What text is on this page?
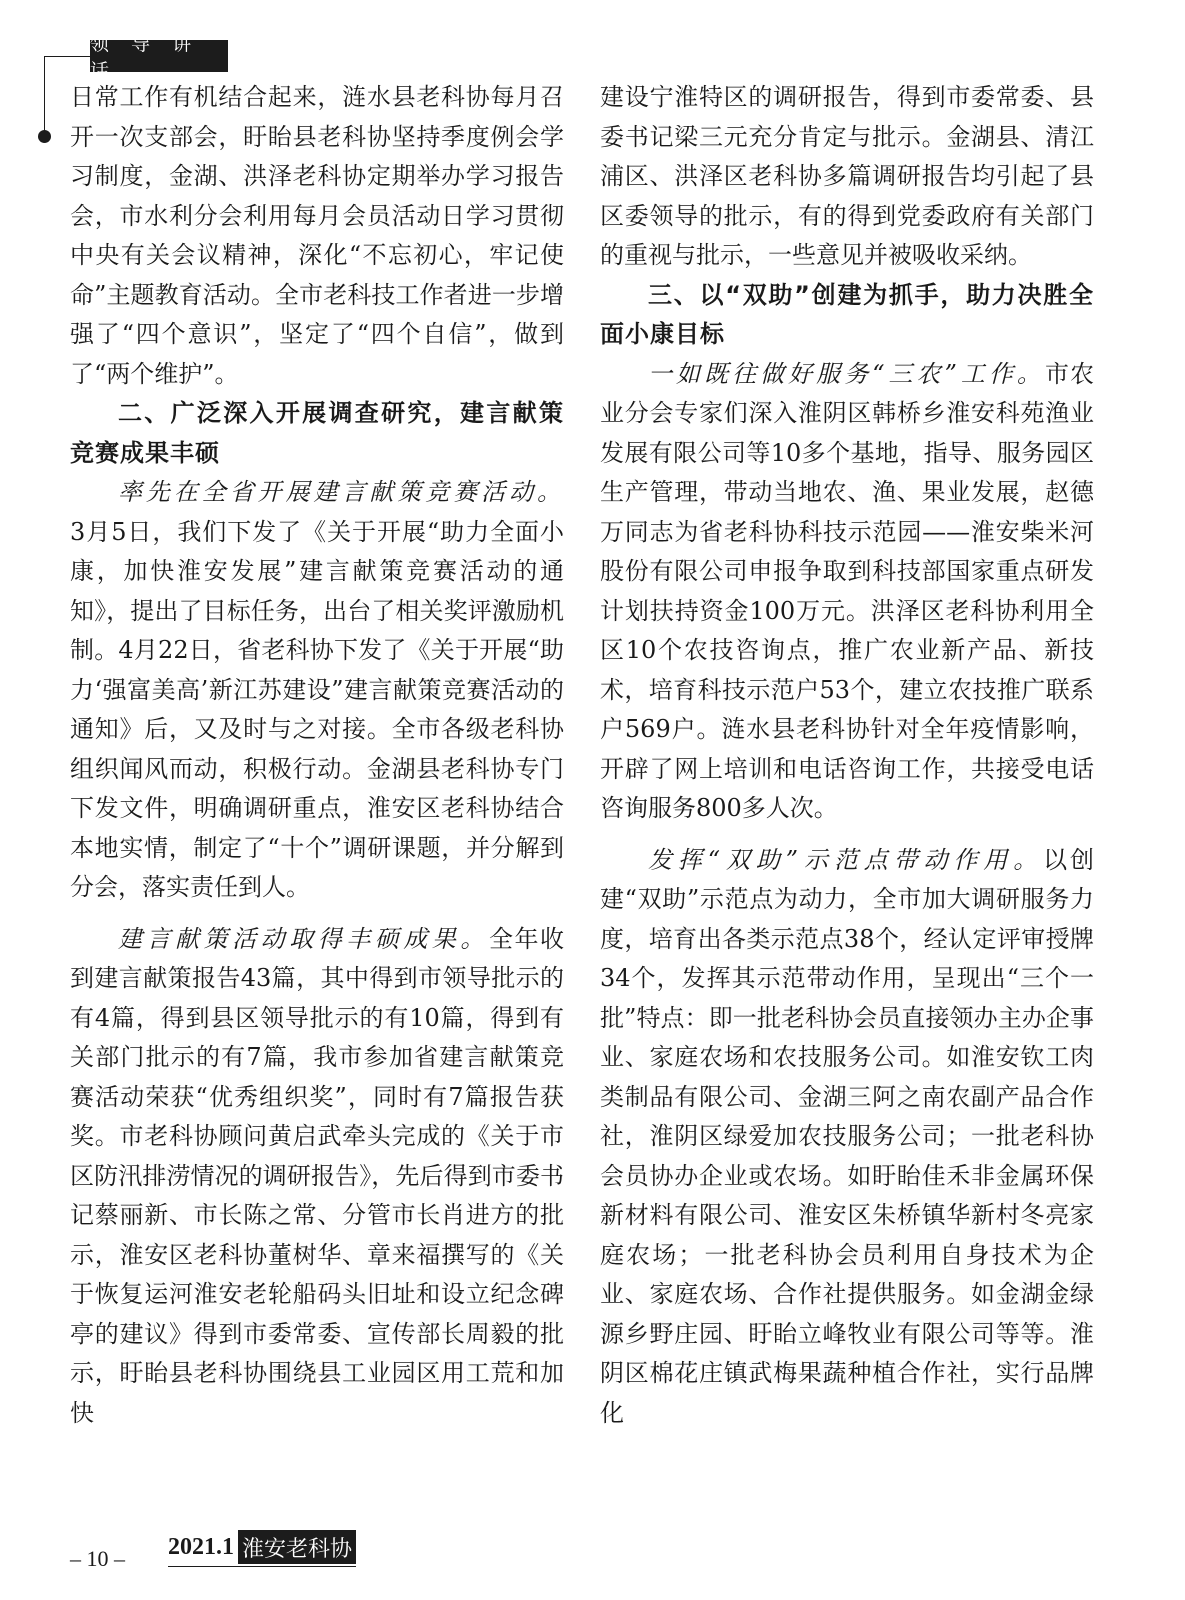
领 导 讲 话

日常工作有机结合起来，涟水县老科协每月召开一次支部会，盱眙县老科协坚持季度例会学习制度，金湖、洪泽老科协定期举办学习报告会，市水利分会利用每月会员活动日学习贯彻中央有关会议精神，深化“不忘初心，牢记使命”主题教育活动。全市老科技工作者进一步增强了“四个意识”，坚定了“四个自信”，做到了“两个维护”。

二、广泛深入开展调查研究，建言献策竞赛成果丰硕

率先在全省开展建言献策竞赛活动。3月5日，我们下发了《关于开展“助力全面小康，加快淮安发展”建言献策竞赛活动的通知》，提出了目标任务，出台了相关奖评激励机制。4月22日，省老科协下发了《关于开展“助力‘强富美高’新江苏建设”建言献策竞赛活动的通知》后，又及时与之对接。全市各级老科协组织闻风而动，积极行动。金湖县老科协专门下发文件，明确调研重点，淮安区老科协结合本地实情，制定了“十个”调研课题，并分解到分会，落实责任到人。

建言献策活动取得丰硕成果。全年收到建言献策报告43篇，其中得到市领导批示的有4篇，得到县区领导批示的有10篇，得到有关部门批示的有7篇，我市参加省建言献策竞赛活动荣获“优秀组织奖”，同时有7篇报告获奖。市老科协顾问黄启武牵头完成的《关于市区防汛排涝情况的调研报告》，先后得到市委书记蔡丽新、市长陈之常、分管市长肖进方的批示，淮安区老科协董树华、章来福撰写的《关于恢复运河淮安老轮船码头旧址和设立纪念碑亭的建议》得到市委常委、宣传部长周毅的批示，盱眙县老科协围绕县工业园区用工荒和加快

建设宁淮特区的调研报告，得到市委常委、县委书记梁三元充分肯定与批示。金湖县、清江浦区、洪泽区老科协多篇调研报告均引起了县区委领导的批示，有的得到党委政府有关部门的重视与批示，一些意见并被吸收采纳。

三、以“双助”创建为抓手，助力决胜全面小康目标

一如既往做好服务“三农”工作。市农业分会专家们深入淮阴区韩桥乡淮安科苑渔业发展有限公司等10多个基地，指导、服务园区生产管理，带动当地农、渔、果业发展，赵德万同志为省老科协科技示范园——淮安柴米河股份有限公司申报争取到科技部国家重点研发计划扶持资金100万元。洪泽区老科协利用全区10个农技咨询点，推广农业新产品、新技术，培育科技示范户53个，建立农技推广联系户569户。涟水县老科协针对全年疫情影响，开辟了网上培训和电话咨询工作，共接受电话咨询服务800多人次。

发挥“双助”示范点带动作用。以创建“双助”示范点为动力，全市加大调研服务力度，培育出各类示范点38个，经认定评审授牌34个，发挥其示范带动作用，呈现出“三个一批”特点：即一批老科协会员直接领办主办企事业、家庭农场和农技服务公司。如淮安钦工肉类制品有限公司、金湖三阿之南农副产品合作社，淮阴区绿爱加农技服务公司；一批老科协会员协办企业或农场。如盱眙佳禾非金属环保新材料有限公司、淮安区朱桥镇华新村冬亮家庭农场；一批老科协会员利用自身技术为企业、家庭农场、合作社提供服务。如金湖金绿源乡野庄园、盱眙立峰牧业有限公司等等。淮阴区棉花庄镇武梅果蔬种植合作社，实行品牌化

– 10 – 2021.1 淮安老科协
